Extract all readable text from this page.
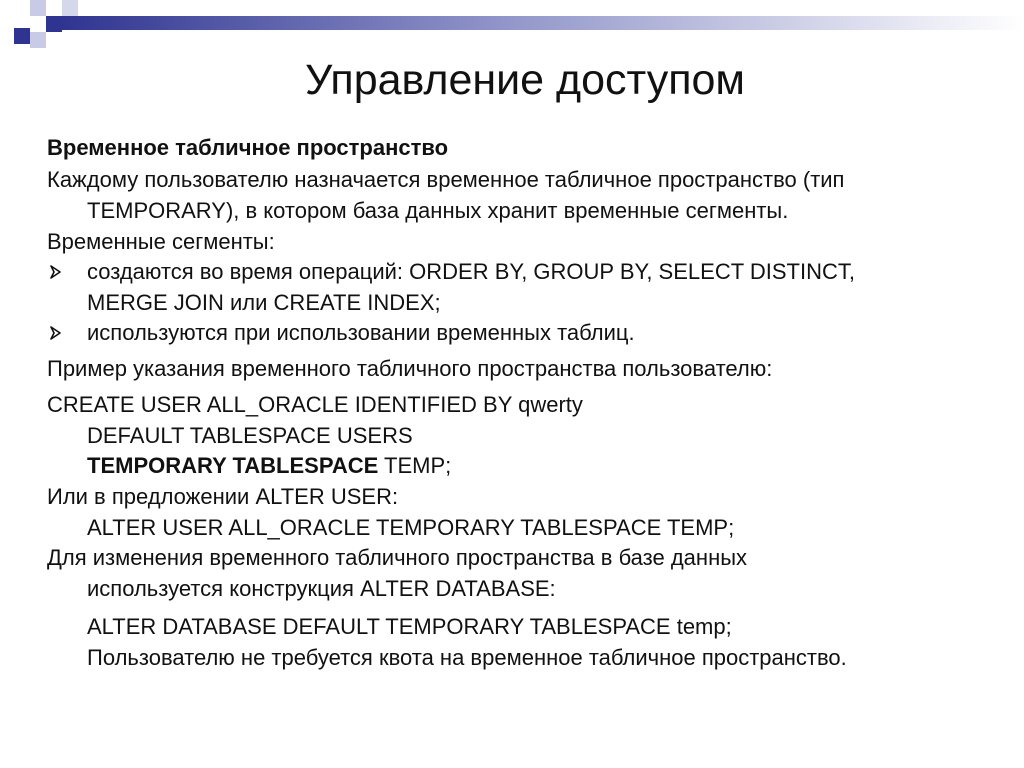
Управление доступом
Временное табличное пространство
Каждому пользователю назначается временное табличное пространство (тип
TEMPORARY), в котором база данных хранит временные сегменты.
Временные сегменты:
создаются во время операций: ORDER BY, GROUP BY, SELECT DISTINCT,
MERGE JOIN или CREATE INDEX;
используются при использовании временных таблиц.
Пример указания временного табличного пространства пользователю:
CREATE USER ALL_ORACLE IDENTIFIED BY qwerty
DEFAULT TABLESPACE USERS
TEMPORARY TABLESPACE TEMP;
Или в предложении ALTER USER:
ALTER USER ALL_ORACLE TEMPORARY TABLESPACE TEMP;
Для изменения временного табличного пространства в базе данных
используется конструкция ALTER DATABASE:
ALTER DATABASE DEFAULT TEMPORARY TABLESPACE temp;
Пользователю не требуется квота на временное табличное пространство.
